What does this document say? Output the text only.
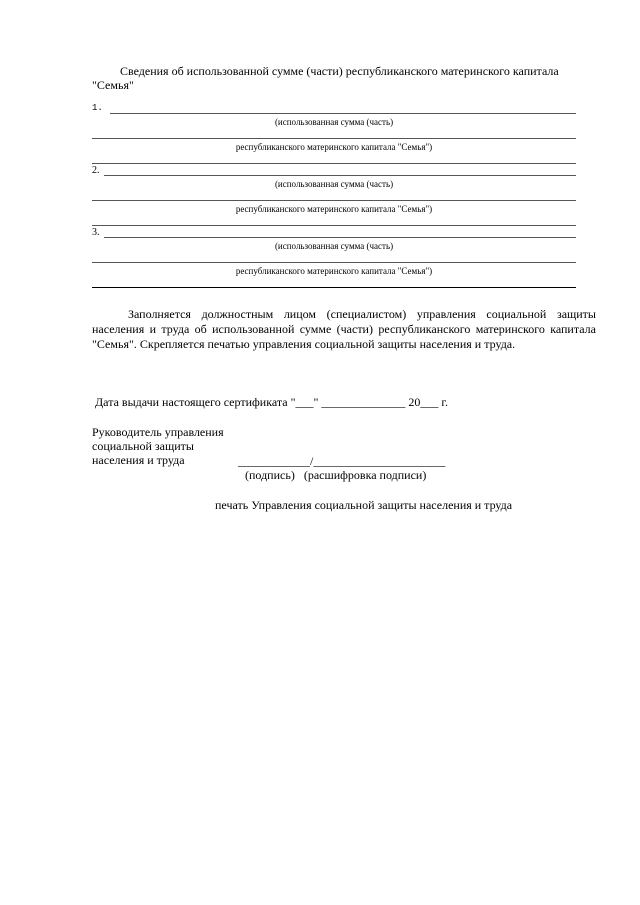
Сведения об использованной сумме (части) республиканского материнского капитала
"Семья"
1.
(использованная сумма (часть)
республиканского материнского капитала "Семья")
2.
(использованная сумма (часть)
республиканского материнского капитала "Семья")
3.
(использованная сумма (часть)
республиканского материнского капитала "Семья")
Заполняется должностным лицом (специалистом) управления социальной защиты населения и труда об использованной сумме (части) республиканского материнского капитала "Семья". Скрепляется печатью управления социальной защиты населения и труда.
Дата выдачи настоящего сертификата "___" ______________ 20___ г.
Руководитель управления
социальной защиты
населения и труда	____________/______________________
(подпись) (расшифровка подписи)
печать Управления социальной защиты населения и труда
